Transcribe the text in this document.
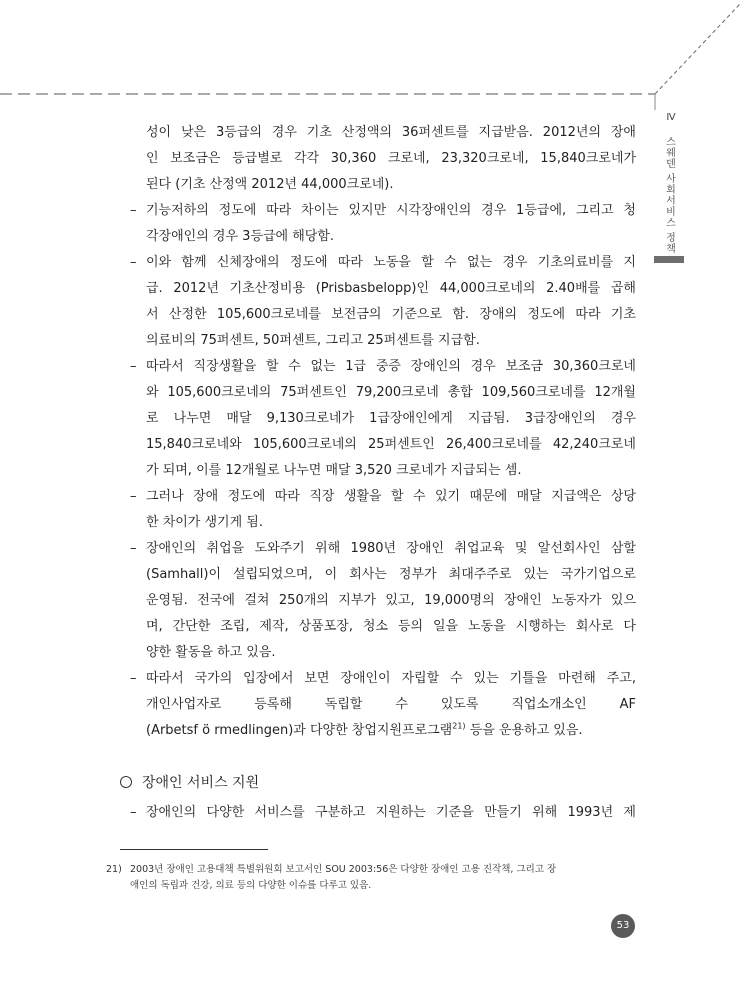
Ⅳ
스
웨
덴
사
회
서
비
스
정
책
성이 낮은 3등급의 경우 기초 산정액의 36퍼센트를 지급받음. 2012년의 장애
인 보조금은 등급별로 각각 30,360 크로네, 23,320크로네, 15,840크로네가
된다 (기초 산정액 2012년 44,000크로네).
– 기능저하의 정도에 따라 차이는 있지만 시각장애인의 경우 1등급에, 그리고 청
각장애인의 경우 3등급에 해당함.
– 이와 함께 신체장애의 정도에 따라 노동을 할 수 없는 경우 기초의료비를 지
급. 2012년 기초산정비용 (Prisbasbelopp)인 44,000크로네의 2.40배를 곱해
서 산정한 105,600크로네를 보전금의 기준으로 함. 장애의 정도에 따라 기초
의료비의 75퍼센트, 50퍼센트, 그리고 25퍼센트를 지급함.
– 따라서 직장생활을 할 수 없는 1급 중증 장애인의 경우 보조금 30,360크로네
와 105,600크로네의 75퍼센트인 79,200크로네 총합 109,560크로네를 12개월
로 나누면 매달 9,130크로네가 1급장애인에게 지급됨. 3급장애인의 경우
15,840크로네와 105,600크로네의 25퍼센트인 26,400크로네를 42,240크로네
가 되며, 이를 12개월로 나누면 매달 3,520 크로네가 지급되는 셈.
– 그러나 장애 정도에 따라 직장 생활을 할 수 있기 때문에 매달 지급액은 상당
한 차이가 생기게 됨.
– 장애인의 취업을 도와주기 위해 1980년 장애인 취업교육 및 알선회사인 삼할
(Samhall)이 설립되었으며, 이 회사는 정부가 최대주주로 있는 국가기업으로
운영됨. 전국에 걸쳐 250개의 지부가 있고, 19,000명의 장애인 노동자가 있으
며, 간단한 조립, 제작, 상품포장, 청소 등의 일을 노동을 시행하는 회사로 다
양한 활동을 하고 있음.
– 따라서 국가의 입장에서 보면 장애인이 자립할 수 있는 기틀을 마련해 주고,
개인사업자로 등록해 독립할 수 있도록 직업소개소인 AF
(Arbetsf ö rmedlingen)과 다양한 창업지원프로그램$^{21)}$ 등을 운용하고 있음.
장애인 서비스 지원
– 장애인의 다양한 서비스를 구분하고 지원하는 기준을 만들기 위해 1993년 제
21) 2003년 장애인 고용대책 특별위원회 보고서인 SOU 2003:56은 다양한 장애인 고용 진작책, 그리고 장
애인의 독립과 건강, 의료 등의 다양한 이슈를 다루고 있음.
53
